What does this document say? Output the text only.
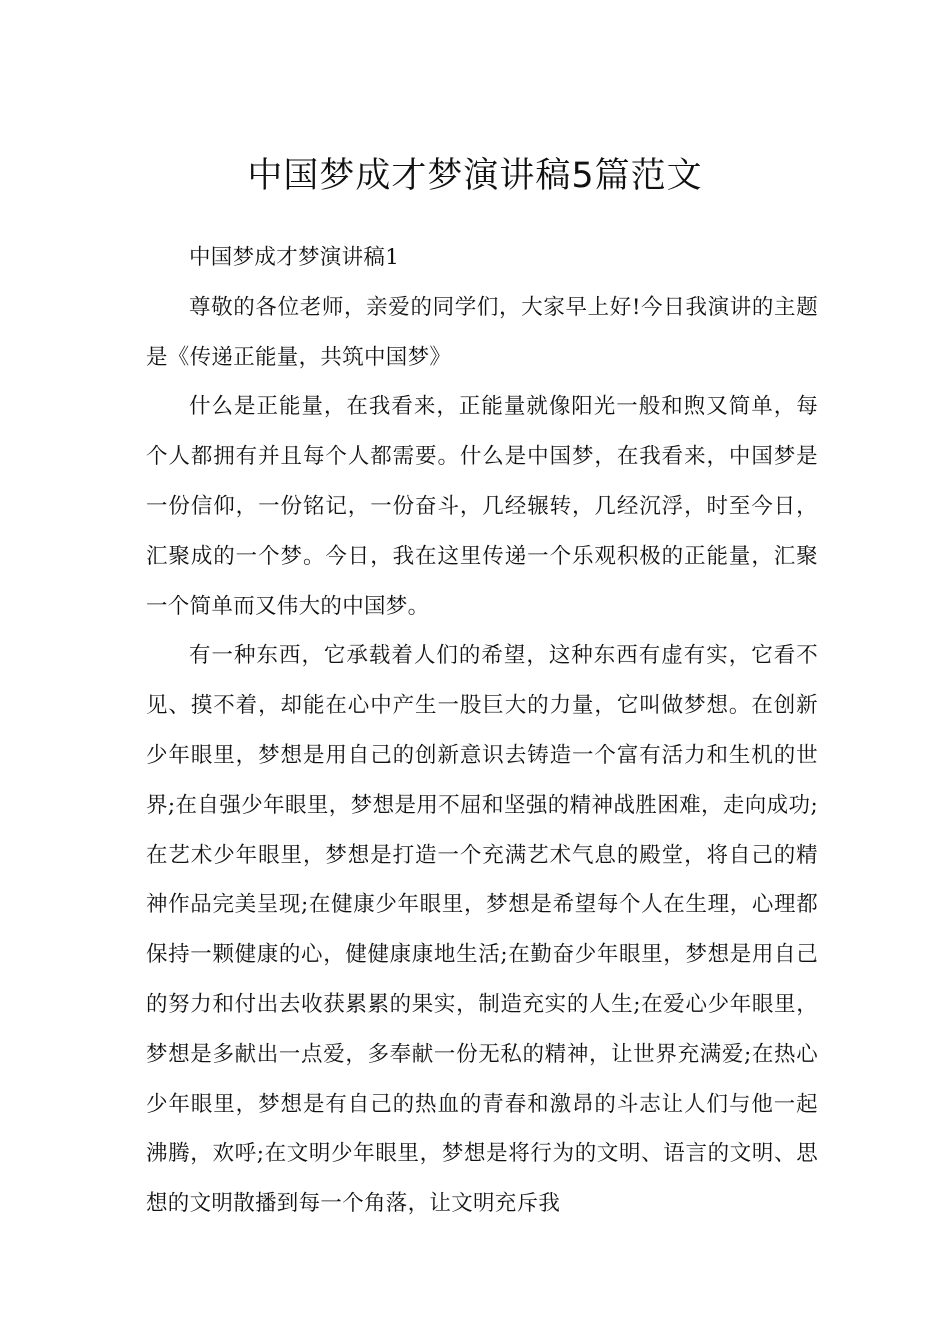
中国梦成才梦演讲稿5篇范文

中国梦成才梦演讲稿1

尊敬的各位老师，亲爱的同学们，大家早上好!今日我演讲的主题是《传递正能量，共筑中国梦》

什么是正能量，在我看来，正能量就像阳光一般和煦又简单，每个人都拥有并且每个人都需要。什么是中国梦，在我看来，中国梦是一份信仰，一份铭记，一份奋斗，几经辗转，几经沉浮，时至今日，汇聚成的一个梦。今日，我在这里传递一个乐观积极的正能量，汇聚一个简单而又伟大的中国梦。

有一种东西，它承载着人们的希望，这种东西有虚有实，它看不见、摸不着，却能在心中产生一股巨大的力量，它叫做梦想。在创新少年眼里，梦想是用自己的创新意识去铸造一个富有活力和生机的世界;在自强少年眼里，梦想是用不屈和坚强的精神战胜困难，走向成功;在艺术少年眼里，梦想是打造一个充满艺术气息的殿堂，将自己的精神作品完美呈现;在健康少年眼里，梦想是希望每个人在生理，心理都保持一颗健康的心，健健康康地生活;在勤奋少年眼里，梦想是用自己的努力和付出去收获累累的果实，制造充实的人生;在爱心少年眼里，梦想是多献出一点爱，多奉献一份无私的精神，让世界充满爱;在热心少年眼里，梦想是有自己的热血的青春和激昂的斗志让人们与他一起沸腾，欢呼;在文明少年眼里，梦想是将行为的文明、语言的文明、思想的文明散播到每一个角落，让文明充斥我
